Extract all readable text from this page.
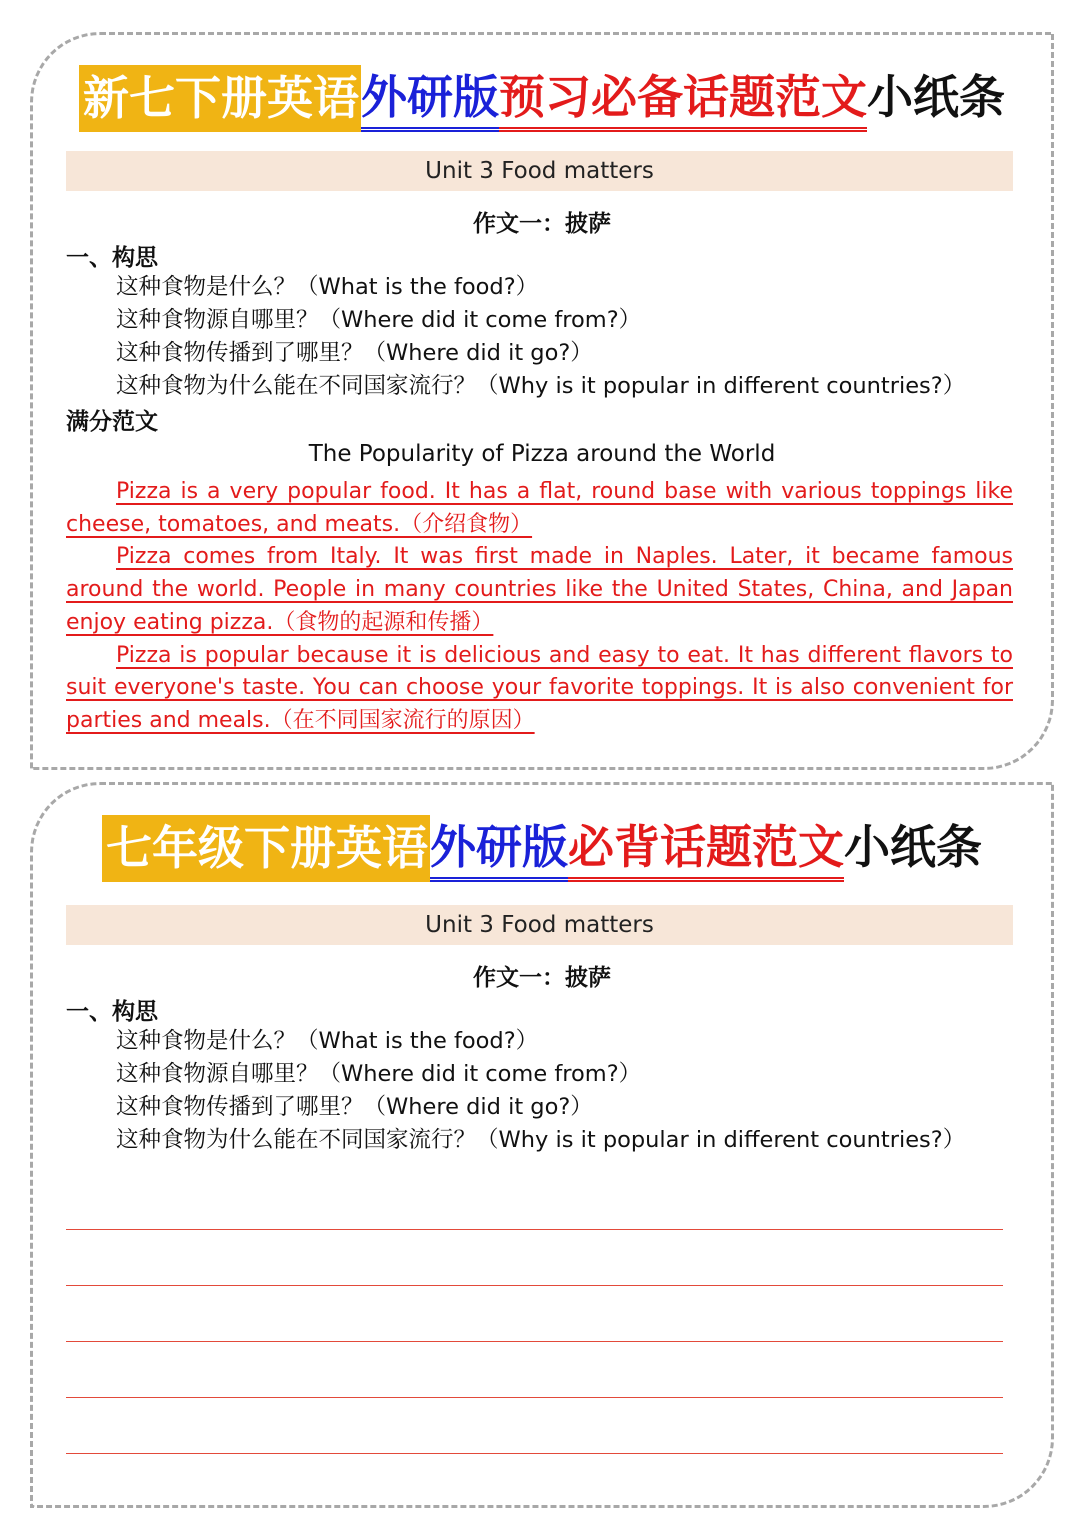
新七下册英语 外研版 预习必备话题范文 小纸条
Unit 3 Food matters
作文一：披萨
一、构思
这种食物是什么？（What is the food?）
这种食物源自哪里？（Where did it come from?）
这种食物传播到了哪里？（Where did it go?）
这种食物为什么能在不同国家流行？（Why is it popular in different countries?）
满分范文
The Popularity of Pizza around the World

Pizza is a very popular food. It has a flat, round base with various toppings like cheese, tomatoes, and meats.（介绍食物）

Pizza comes from Italy. It was first made in Naples. Later, it became famous around the world. People in many countries like the United States, China, and Japan enjoy eating pizza.（食物的起源和传播）

Pizza is popular because it is delicious and easy to eat. It has different flavors to suit everyone's taste. You can choose your favorite toppings. It is also convenient for parties and meals.（在不同国家流行的原因）

七年级下册英语 外研版 必背话题范文 小纸条
Unit 3 Food matters
作文一：披萨
一、构思
这种食物是什么？（What is the food?）
这种食物源自哪里？（Where did it come from?）
这种食物传播到了哪里？（Where did it go?）
这种食物为什么能在不同国家流行？（Why is it popular in different countries?）
